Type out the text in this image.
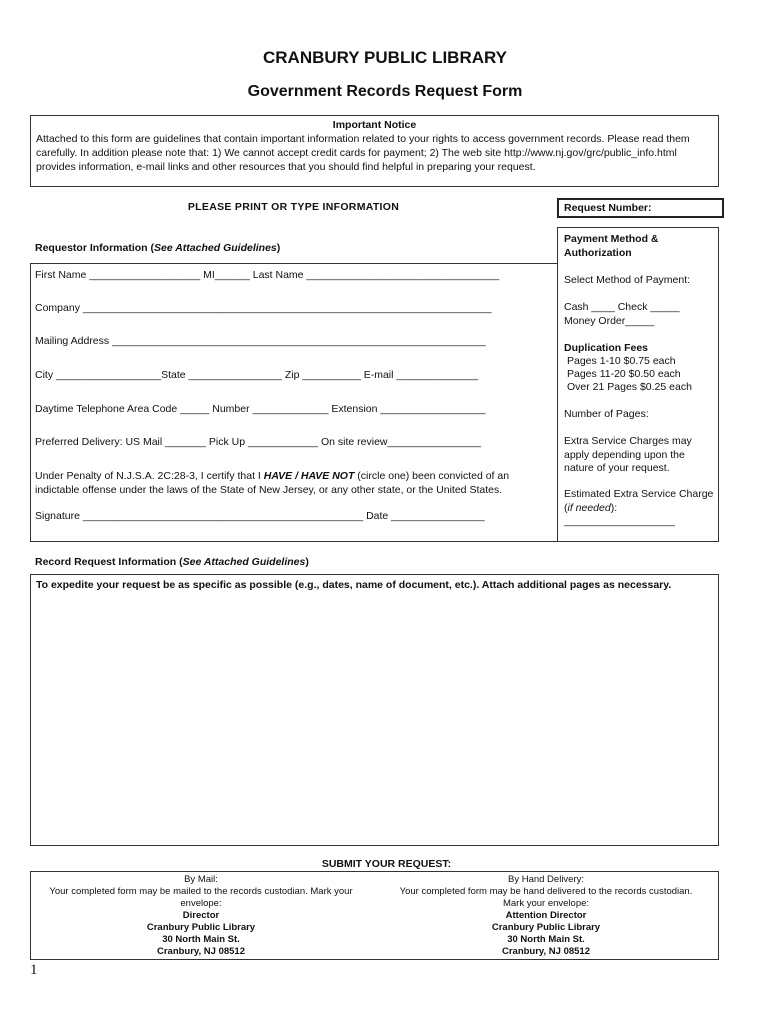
CRANBURY PUBLIC LIBRARY
Government Records Request Form
Important Notice
Attached to this form are guidelines that contain important information related to your rights to access government records. Please read them carefully. In addition please note that: 1) We cannot accept credit cards for payment; 2) The web site http://www.nj.gov/grc/public_info.html provides information, e-mail links and other resources that you should find helpful in preparing your request.
PLEASE PRINT OR TYPE INFORMATION	Request Number:
Requestor Information (See Attached Guidelines)
First Name ___________________ MI______ Last Name _________________________________
Company ______________________________________________________________________
Mailing Address ________________________________________________________________
City __________________State ________________ Zip __________ E-mail ______________
Daytime Telephone Area Code _____ Number _____________ Extension __________________
Preferred Delivery: US Mail _______ Pick Up ____________ On site review________________
Under Penalty of N.J.S.A. 2C:28-3, I certify that I HAVE / HAVE NOT (circle one) been convicted of an indictable offense under the laws of the State of New Jersey, or any other state, or the United States.
Signature ________________________________________________ Date ________________
Payment Method & Authorization
Select Method of Payment:
Cash ____ Check _____
Money Order_____
Duplication Fees
Pages 1-10 $0.75 each
Pages 11-20 $0.50 each
Over 21 Pages $0.25 each
Number of Pages:
Extra Service Charges may apply depending upon the nature of your request.
Estimated Extra Service Charge (if needed):
___________________
Record Request Information (See Attached Guidelines)
To expedite your request be as specific as possible (e.g., dates, name of document, etc.). Attach additional pages as necessary.
SUBMIT YOUR REQUEST:
By Mail:
Your completed form may be mailed to the records custodian. Mark your envelope:
Director
Cranbury Public Library
30 North Main St.
Cranbury, NJ 08512
By Hand Delivery:
Your completed form may be hand delivered to the records custodian.
Mark your envelope:
Attention Director
Cranbury Public Library
30 North Main St.
Cranbury, NJ 08512
1
